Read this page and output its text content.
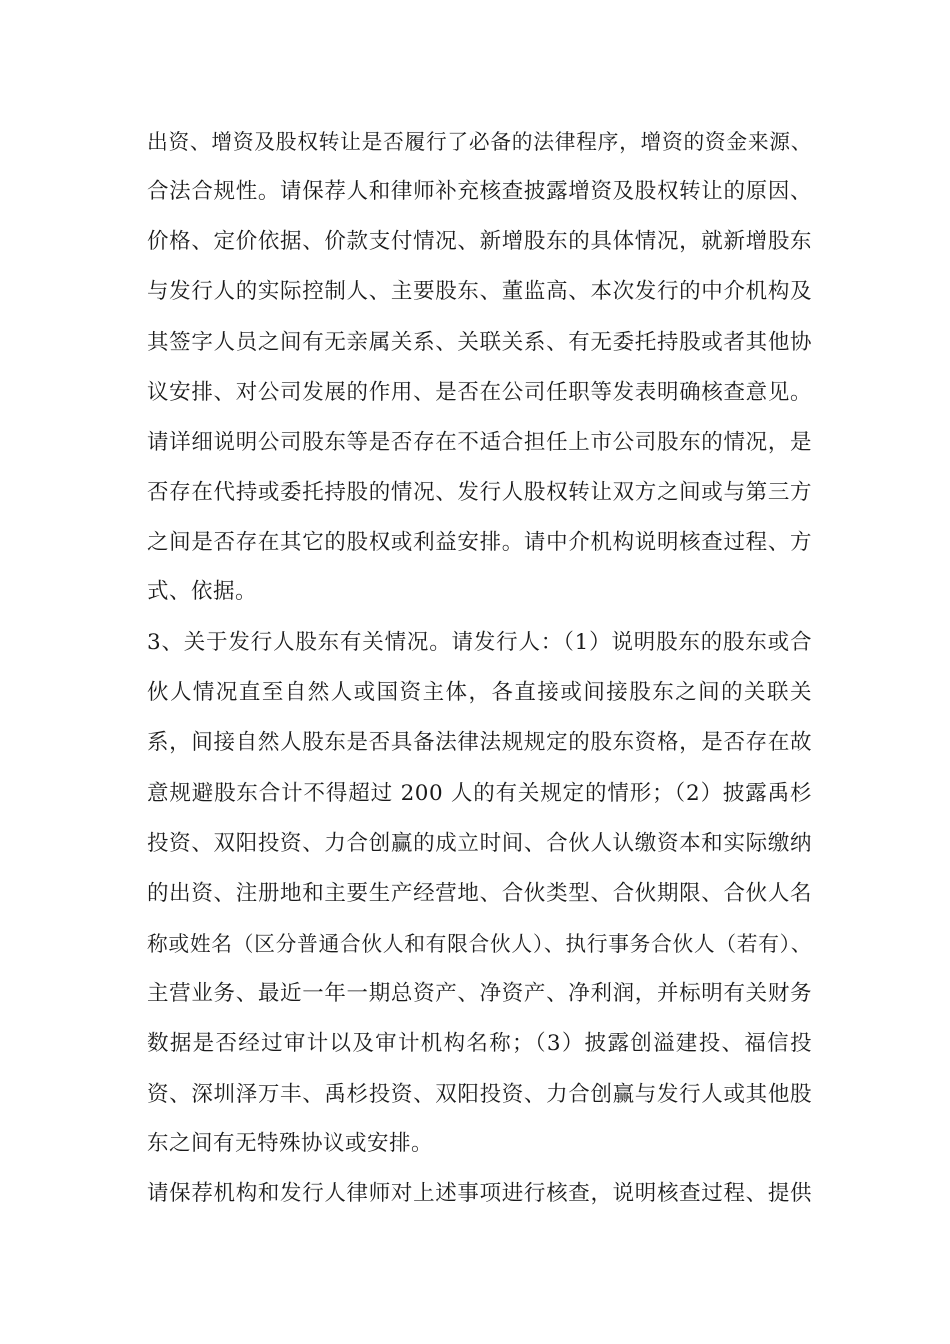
出资、增资及股权转让是否履行了必备的法律程序，增资的资金来源、
合法合规性。请保荐人和律师补充核查披露增资及股权转让的原因、
价格、定价依据、价款支付情况、新增股东的具体情况，就新增股东
与发行人的实际控制人、主要股东、董监高、本次发行的中介机构及
其签字人员之间有无亲属关系、关联关系、有无委托持股或者其他协
议安排、对公司发展的作用、是否在公司任职等发表明确核查意见。
请详细说明公司股东等是否存在不适合担任上市公司股东的情况，是
否存在代持或委托持股的情况、发行人股权转让双方之间或与第三方
之间是否存在其它的股权或利益安排。请中介机构说明核查过程、方
式、依据。
3、关于发行人股东有关情况。请发行人：（1）说明股东的股东或合
伙人情况直至自然人或国资主体，各直接或间接股东之间的关联关
系，间接自然人股东是否具备法律法规规定的股东资格，是否存在故
意规避股东合计不得超过 200 人的有关规定的情形；（2）披露禹杉
投资、双阳投资、力合创赢的成立时间、合伙人认缴资本和实际缴纳
的出资、注册地和主要生产经营地、合伙类型、合伙期限、合伙人名
称或姓名（区分普通合伙人和有限合伙人）、执行事务合伙人（若有）、
主营业务、最近一年一期总资产、净资产、净利润，并标明有关财务
数据是否经过审计以及审计机构名称；（3）披露创溢建投、福信投
资、深圳泽万丰、禹杉投资、双阳投资、力合创赢与发行人或其他股
东之间有无特殊协议或安排。
请保荐机构和发行人律师对上述事项进行核查，说明核查过程、提供
